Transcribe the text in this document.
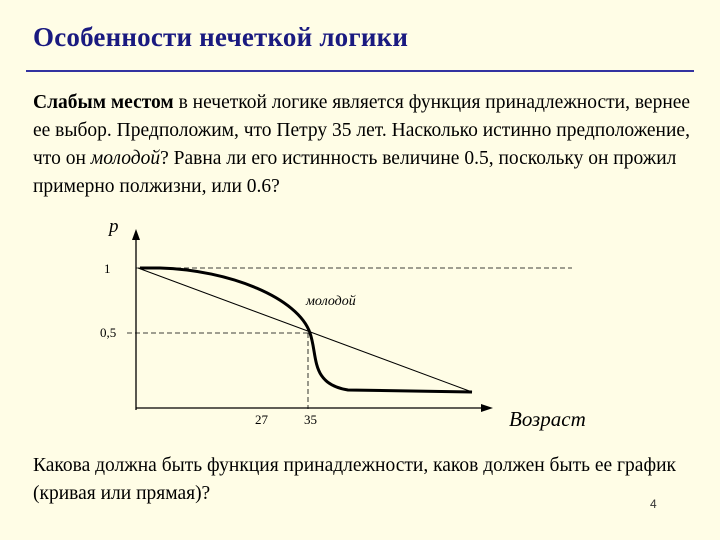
Особенности нечеткой логики
Слабым местом в нечеткой логике является функция принадлежности, вернее ее выбор. Предположим, что Петру 35 лет. Насколько истинно предположение, что он молодой? Равна ли его истинность величине 0.5, поскольку он прожил примерно полжизни, или 0.6?
p
1
0,5
молодой
27	35	Возраст
Какова должна быть функция принадлежности, каков должен быть ее график (кривая или прямая)?	4
